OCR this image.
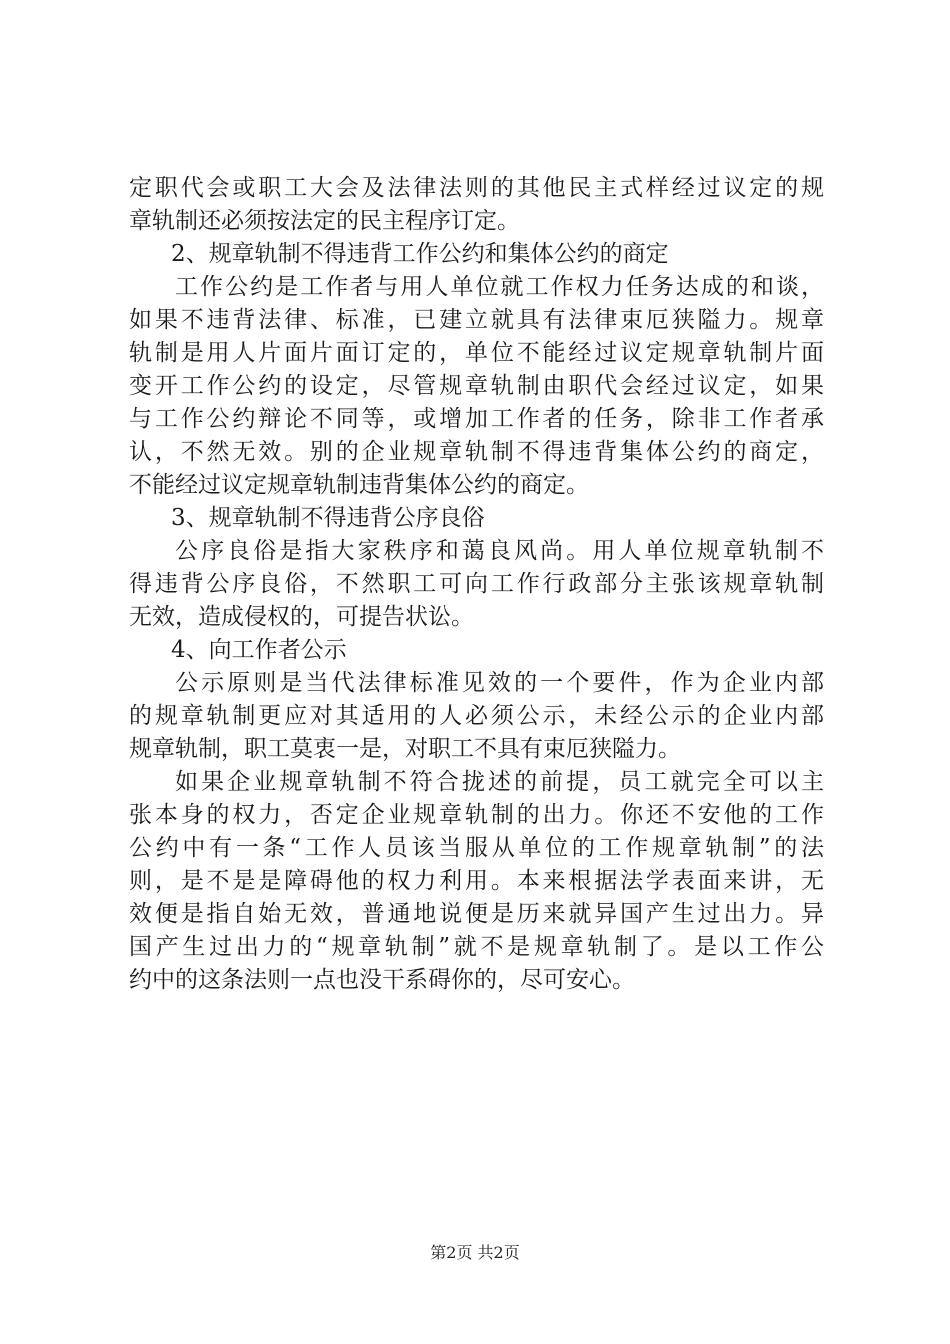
定职代会或职工大会及法律法则的其他民主式样经过议定的规
章轨制还必须按法定的民主程序订定。
2、规章轨制不得违背工作公约和集体公约的商定
工作公约是工作者与用人单位就工作权力任务达成的和谈，
如果不违背法律、标准，已建立就具有法律束厄狭隘力。规章
轨制是用人片面片面订定的，单位不能经过议定规章轨制片面
变开工作公约的设定，尽管规章轨制由职代会经过议定，如果
与工作公约辩论不同等，或增加工作者的任务，除非工作者承
认，不然无效。别的企业规章轨制不得违背集体公约的商定，
不能经过议定规章轨制违背集体公约的商定。
3、规章轨制不得违背公序良俗
公序良俗是指大家秩序和蔼良风尚。用人单位规章轨制不
得违背公序良俗，不然职工可向工作行政部分主张该规章轨制
无效，造成侵权的，可提告状讼。
4、向工作者公示
公示原则是当代法律标准见效的一个要件，作为企业内部
的规章轨制更应对其适用的人必须公示，未经公示的企业内部
规章轨制，职工莫衷一是，对职工不具有束厄狭隘力。
如果企业规章轨制不符合拢述的前提，员工就完全可以主
张本身的权力，否定企业规章轨制的出力。你还不安他的工作
公约中有一条“工作人员该当服从单位的工作规章轨制”的法
则，是不是是障碍他的权力利用。本来根据法学表面来讲，无
效便是指自始无效，普通地说便是历来就异国产生过出力。异
国产生过出力的“规章轨制”就不是规章轨制了。是以工作公
约中的这条法则一点也没干系碍你的，尽可安心。
第2页 共2页
